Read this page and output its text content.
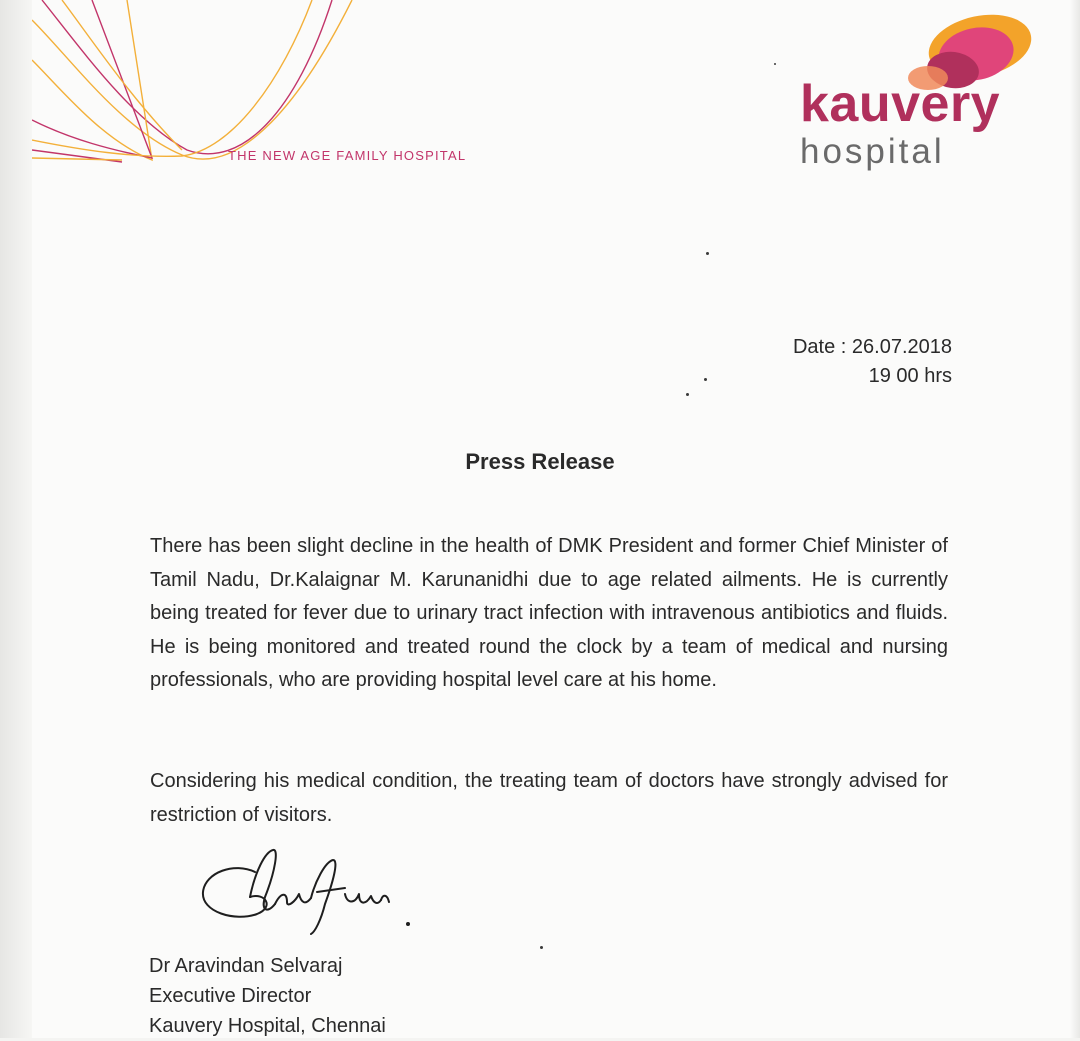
THE NEW AGE FAMILY HOSPITAL
kauvery
hospital
Date : 26.07.2018
19 00 hrs
Press Release

There has been slight decline in the health of DMK President and former Chief Minister of Tamil Nadu, Dr.Kalaignar M. Karunanidhi due to age related ailments. He is currently being treated for fever due to urinary tract infection with intravenous antibiotics and fluids. He is being monitored and treated round the clock by a team of medical and nursing professionals, who are providing hospital level care at his home.

Considering his medical condition, the treating team of doctors have strongly advised for restriction of visitors.

Dr Aravindan Selvaraj
Executive Director
Kauvery Hospital, Chennai
